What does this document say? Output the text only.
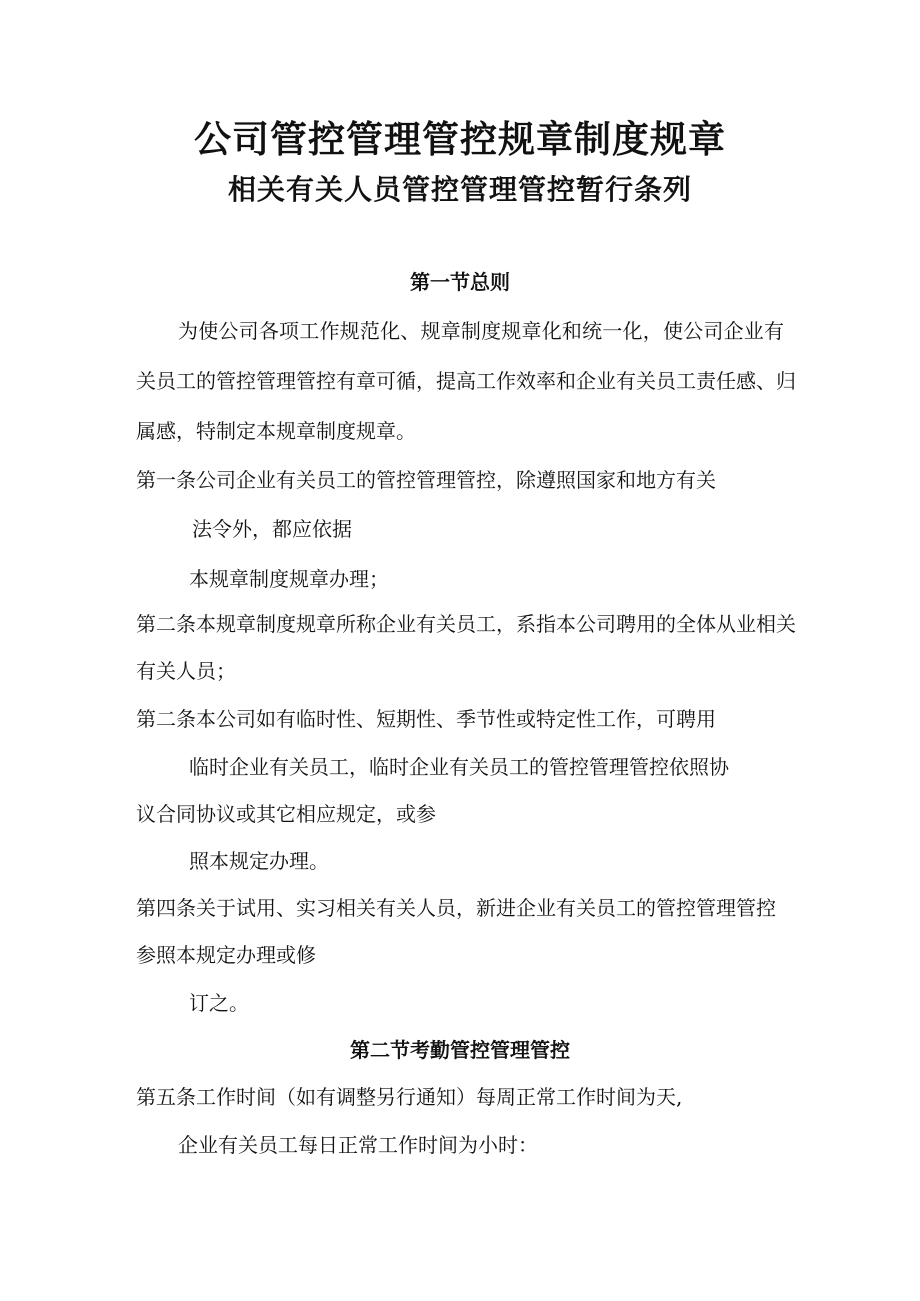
公司管控管理管控规章制度规章
相关有关人员管控管理管控暂行条列
第一节总则

为使公司各项工作规范化、规章制度规章化和统一化，使公司企业有

关员工的管控管理管控有章可循，提高工作效率和企业有关员工责任感、归

属感，特制定本规章制度规章。

第一条公司企业有关员工的管控管理管控，除遵照国家和地方有关

法令外，都应依据

本规章制度规章办理；

第二条本规章制度规章所称企业有关员工，系指本公司聘用的全体从业相关

有关人员；

第二条本公司如有临时性、短期性、季节性或特定性工作，可聘用

临时企业有关员工，临时企业有关员工的管控管理管控依照协

议合同协议或其它相应规定，或参

照本规定办理。

第四条关于试用、实习相关有关人员，新进企业有关员工的管控管理管控

参照本规定办理或修

订之。

第二节考勤管控管理管控

第五条工作时间（如有调整另行通知）每周正常工作时间为天,

企业有关员工每日正常工作时间为小时：
